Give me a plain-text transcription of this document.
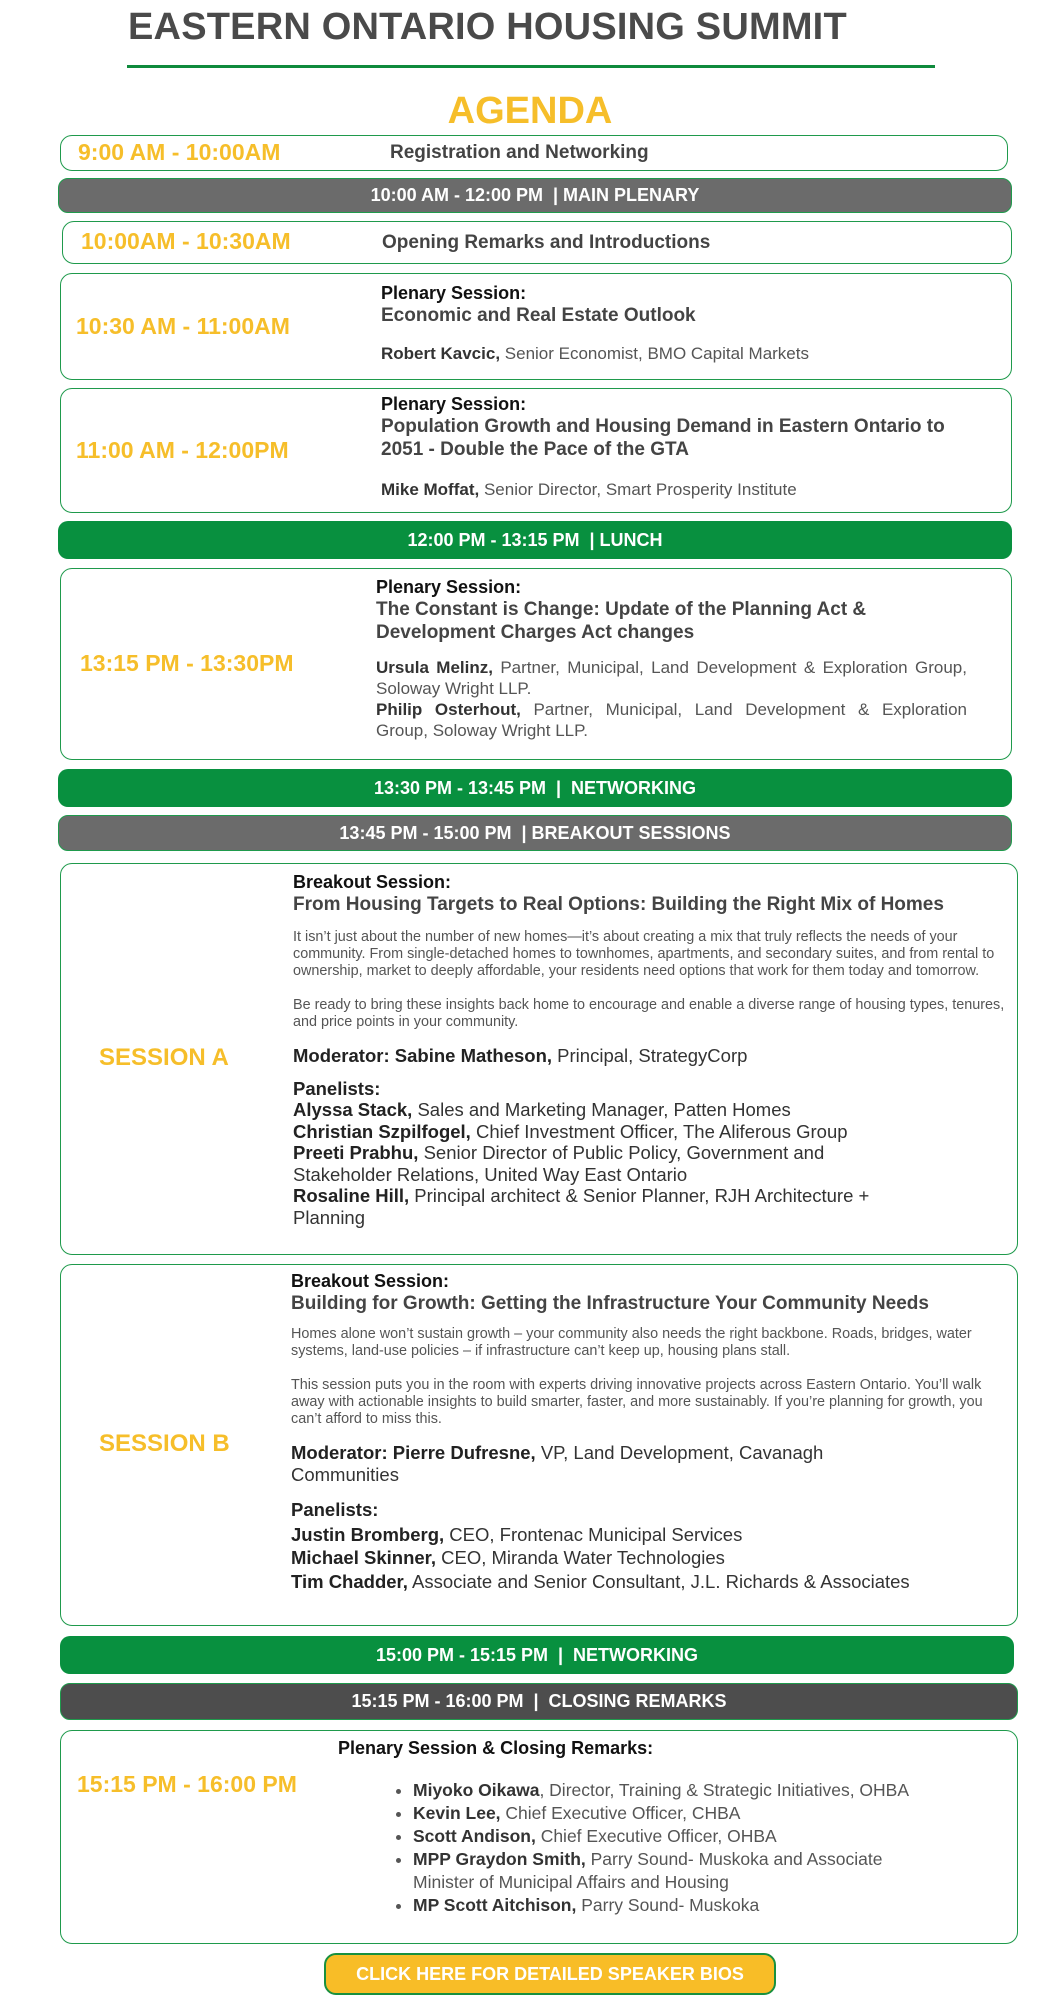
EASTERN ONTARIO HOUSING SUMMIT
AGENDA
9:00 AM - 10:00AM	Registration and Networking
10:00 AM - 12:00 PM  | MAIN PLENARY
10:00AM - 10:30AM	Opening Remarks and Introductions
10:30 AM - 11:00AM
Plenary Session:
Economic and Real Estate Outlook
Robert Kavcic, Senior Economist, BMO Capital Markets
11:00 AM - 12:00PM
Plenary Session:
Population Growth and Housing Demand in Eastern Ontario to 2051 - Double the Pace of the GTA
Mike Moffat, Senior Director, Smart Prosperity Institute
12:00 PM - 13:15 PM  | LUNCH
13:15 PM - 13:30PM
Plenary Session:
The Constant is Change: Update of the Planning Act & Development Charges Act changes
Ursula Melinz, Partner, Municipal, Land Development & Exploration Group, Soloway Wright LLP.
Philip Osterhout, Partner, Municipal, Land Development & Exploration Group, Soloway Wright LLP.
13:30 PM - 13:45 PM  |  NETWORKING
13:45 PM - 15:00 PM  | BREAKOUT SESSIONS
SESSION A
Breakout Session:
From Housing Targets to Real Options: Building the Right Mix of Homes
It isn’t just about the number of new homes—it’s about creating a mix that truly reflects the needs of your community. From single-detached homes to townhomes, apartments, and secondary suites, and from rental to ownership, market to deeply affordable, your residents need options that work for them today and tomorrow.
Be ready to bring these insights back home to encourage and enable a diverse range of housing types, tenures, and price points in your community.
Moderator: Sabine Matheson, Principal, StrategyCorp
Panelists:
Alyssa Stack, Sales and Marketing Manager, Patten Homes
Christian Szpilfogel, Chief Investment Officer, The Aliferous Group
Preeti Prabhu, Senior Director of Public Policy, Government and Stakeholder Relations, United Way East Ontario
Rosaline Hill, Principal architect & Senior Planner, RJH Architecture + Planning
SESSION B
Breakout Session:
Building for Growth: Getting the Infrastructure Your Community Needs
Homes alone won’t sustain growth – your community also needs the right backbone. Roads, bridges, water systems, land-use policies – if infrastructure can’t keep up, housing plans stall.
This session puts you in the room with experts driving innovative projects across Eastern Ontario. You’ll walk away with actionable insights to build smarter, faster, and more sustainably. If you’re planning for growth, you can’t afford to miss this.
Moderator: Pierre Dufresne, VP, Land Development, Cavanagh Communities
Panelists:
Justin Bromberg, CEO, Frontenac Municipal Services
Michael Skinner, CEO, Miranda Water Technologies
Tim Chadder, Associate and Senior Consultant, J.L. Richards & Associates
15:00 PM - 15:15 PM  |  NETWORKING
15:15 PM - 16:00 PM  |  CLOSING REMARKS
15:15 PM - 16:00 PM
Plenary Session & Closing Remarks:
• Miyoko Oikawa, Director, Training & Strategic Initiatives, OHBA
• Kevin Lee, Chief Executive Officer, CHBA
• Scott Andison, Chief Executive Officer, OHBA
• MPP Graydon Smith, Parry Sound- Muskoka and Associate Minister of Municipal Affairs and Housing
• MP Scott Aitchison, Parry Sound- Muskoka
CLICK HERE FOR DETAILED SPEAKER BIOS
